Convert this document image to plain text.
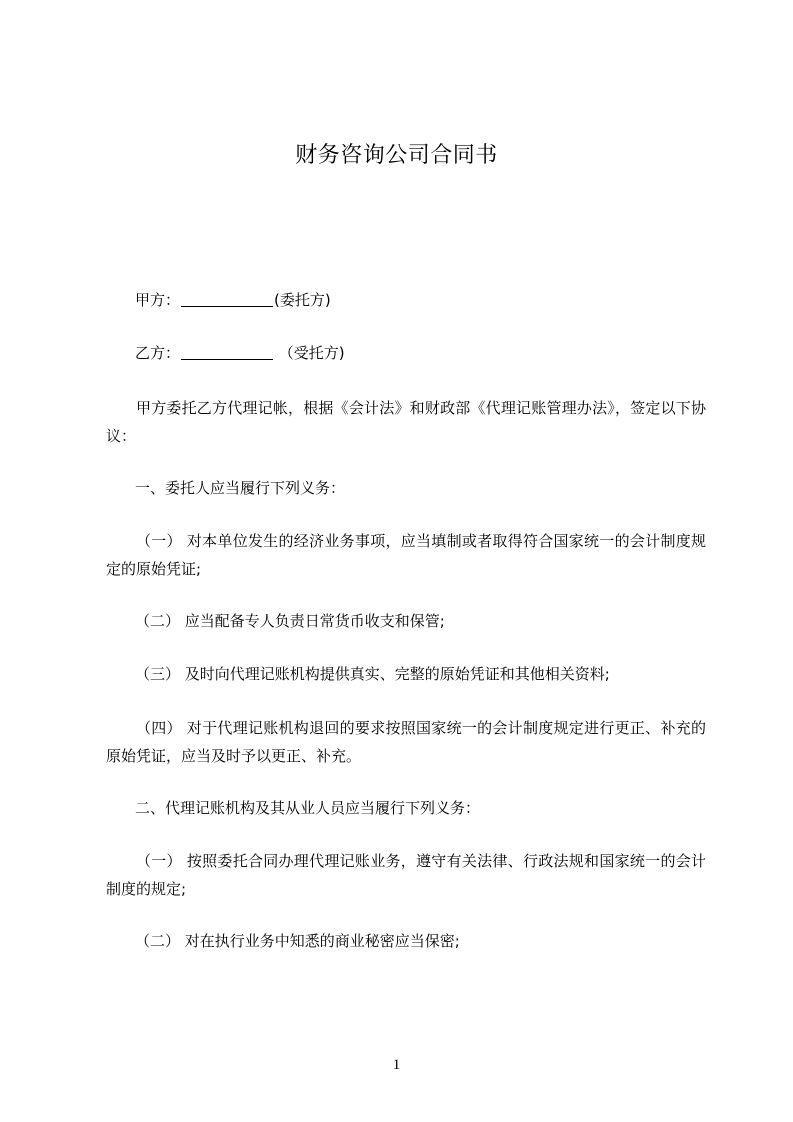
财务咨询公司合同书

甲方：	(委托方)

乙方：	（受托方)

甲方委托乙方代理记帐，根据《会计法》和财政部《代理记账管理办法》，签定以下协议：

一、委托人应当履行下列义务：

（一） 对本单位发生的经济业务事项，应当填制或者取得符合国家统一的会计制度规定的原始凭证;

（二） 应当配备专人负责日常货币收支和保管;

（三） 及时向代理记账机构提供真实、完整的原始凭证和其他相关资料;

（四） 对于代理记账机构退回的要求按照国家统一的会计制度规定进行更正、补充的原始凭证，应当及时予以更正、补充。

二、代理记账机构及其从业人员应当履行下列义务：

（一） 按照委托合同办理代理记账业务，遵守有关法律、行政法规和国家统一的会计制度的规定;

（二） 对在执行业务中知悉的商业秘密应当保密;

1
